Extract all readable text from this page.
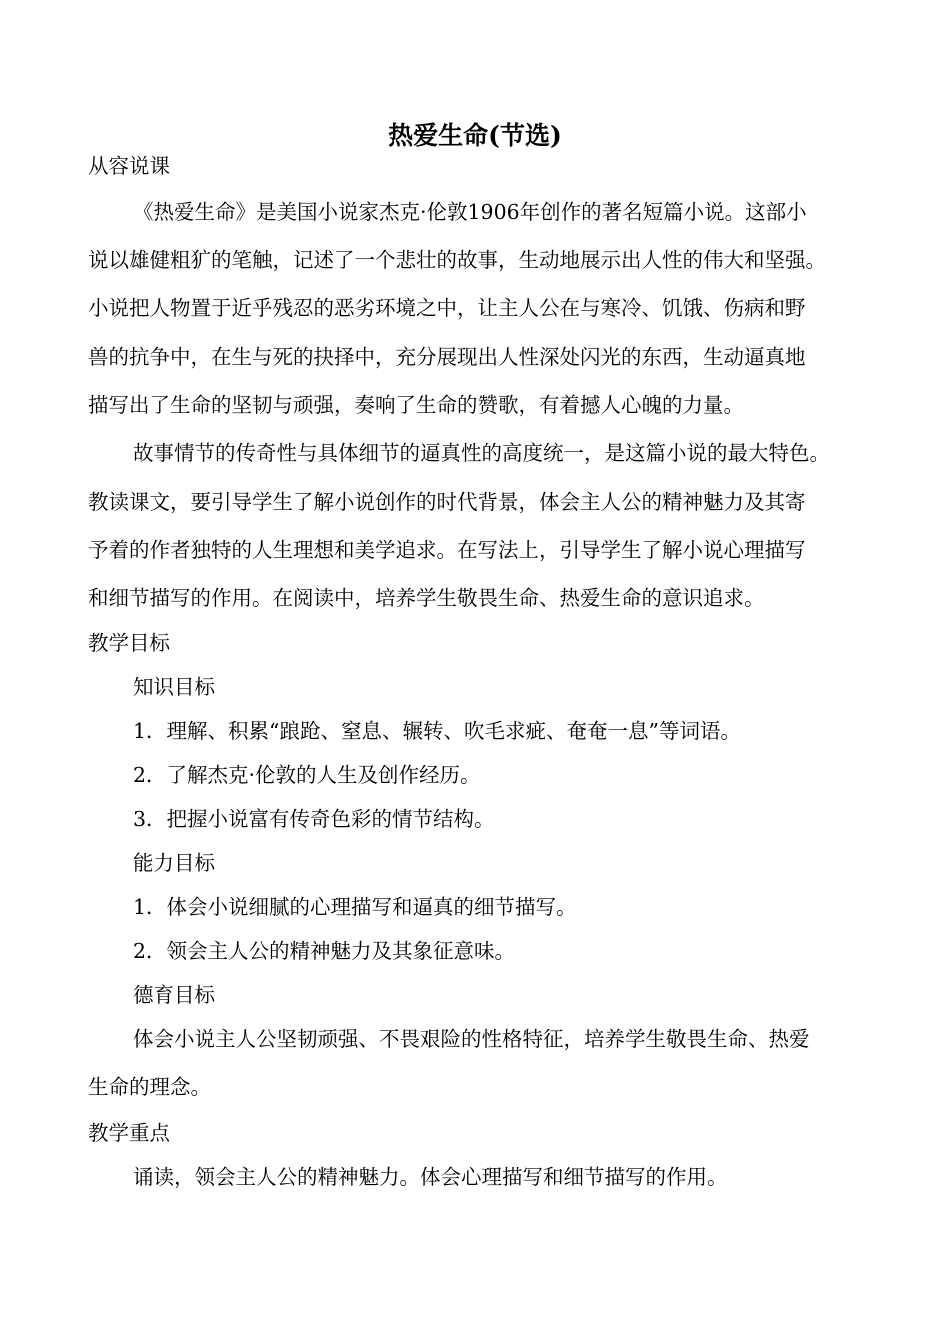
热爱生命(节选)
从容说课
《热爱生命》是美国小说家杰克·伦敦1906年创作的著名短篇小说。这部小
说以雄健粗犷的笔触，记述了一个悲壮的故事，生动地展示出人性的伟大和坚强。
小说把人物置于近乎残忍的恶劣环境之中，让主人公在与寒冷、饥饿、伤病和野
兽的抗争中，在生与死的抉择中，充分展现出人性深处闪光的东西，生动逼真地
描写出了生命的坚韧与顽强，奏响了生命的赞歌，有着撼人心魄的力量。
故事情节的传奇性与具体细节的逼真性的高度统一，是这篇小说的最大特色。
教读课文，要引导学生了解小说创作的时代背景，体会主人公的精神魅力及其寄
予着的作者独特的人生理想和美学追求。在写法上，引导学生了解小说心理描写
和细节描写的作用。在阅读中，培养学生敬畏生命、热爱生命的意识追求。
教学目标
知识目标
1．理解、积累“踉跄、窒息、辗转、吹毛求疵、奄奄一息”等词语。
2．了解杰克·伦敦的人生及创作经历。
3．把握小说富有传奇色彩的情节结构。
能力目标
1．体会小说细腻的心理描写和逼真的细节描写。
2．领会主人公的精神魅力及其象征意味。
德育目标
体会小说主人公坚韧顽强、不畏艰险的性格特征，培养学生敬畏生命、热爱
生命的理念。
教学重点
诵读，领会主人公的精神魅力。体会心理描写和细节描写的作用。
